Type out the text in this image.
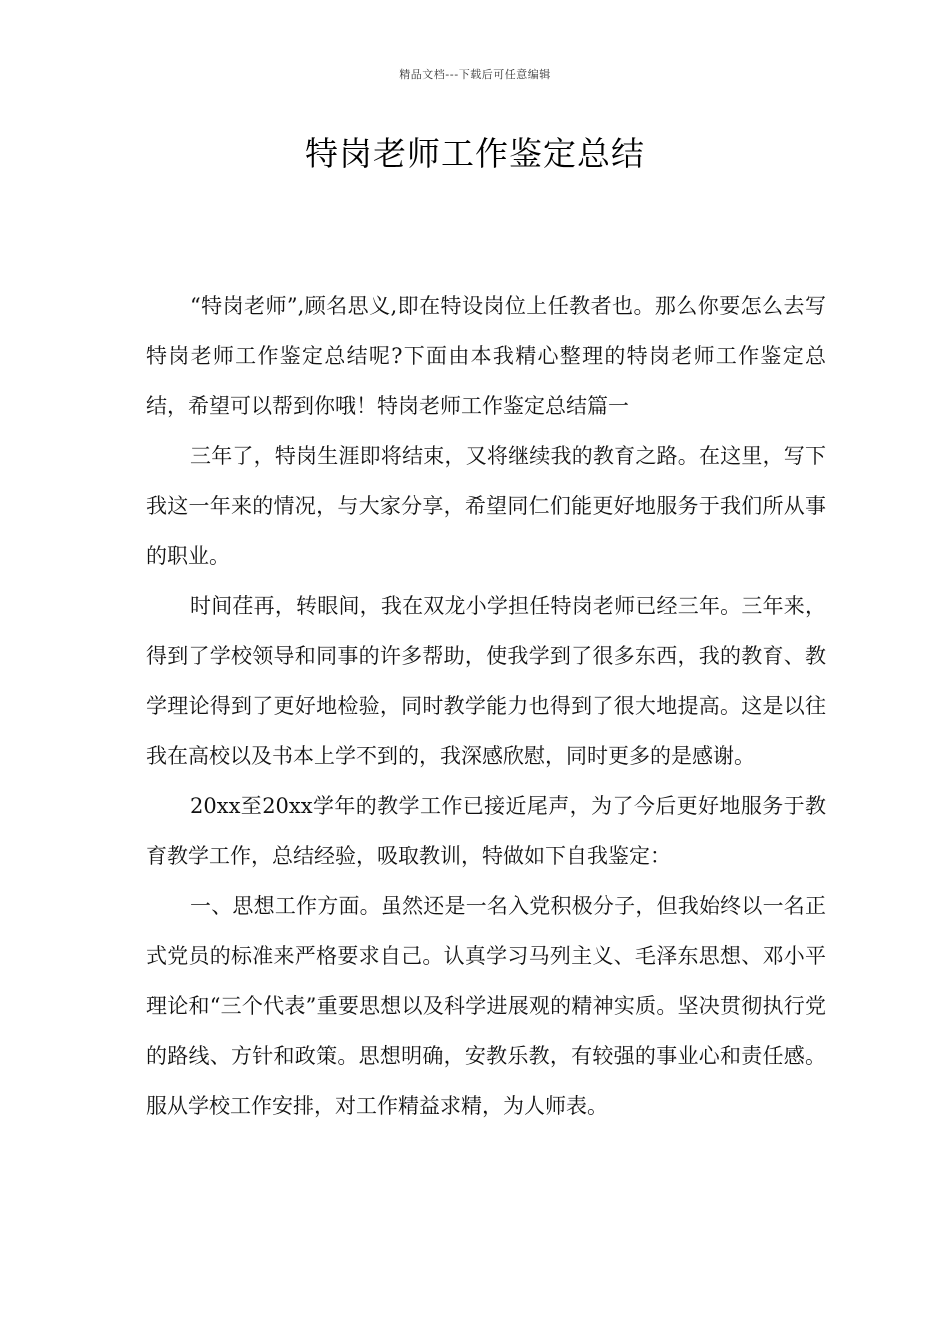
精品文档---下载后可任意编辑
特岗老师工作鉴定总结

“特岗老师”,顾名思义,即在特设岗位上任教者也。那么你要怎么去写特岗老师工作鉴定总结呢?下面由本我精心整理的特岗老师工作鉴定总结，希望可以帮到你哦！特岗老师工作鉴定总结篇一

三年了，特岗生涯即将结束，又将继续我的教育之路。在这里，写下我这一年来的情况，与大家分享，希望同仁们能更好地服务于我们所从事的职业。

时间荏再，转眼间，我在双龙小学担任特岗老师已经三年。三年来，得到了学校领导和同事的许多帮助，使我学到了很多东西，我的教育、教学理论得到了更好地检验，同时教学能力也得到了很大地提高。这是以往我在高校以及书本上学不到的，我深感欣慰，同时更多的是感谢。

20xx至20xx学年的教学工作已接近尾声，为了今后更好地服务于教育教学工作，总结经验，吸取教训，特做如下自我鉴定：

一、思想工作方面。虽然还是一名入党积极分子，但我始终以一名正式党员的标准来严格要求自己。认真学习马列主义、毛泽东思想、邓小平理论和“三个代表”重要思想以及科学进展观的精神实质。坚决贯彻执行党的路线、方针和政策。思想明确，安教乐教，有较强的事业心和责任感。服从学校工作安排，对工作精益求精，为人师表。
